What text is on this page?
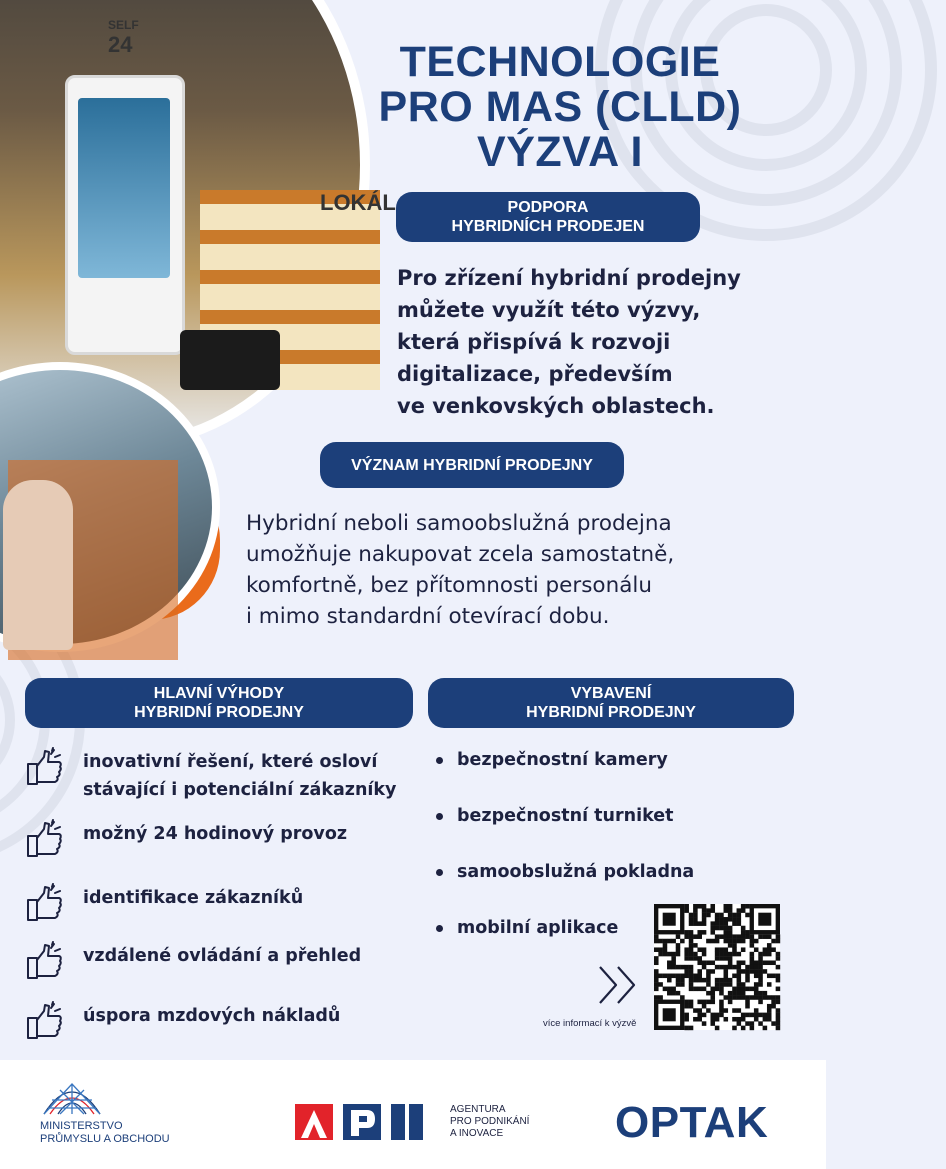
SELF
24
LOKÁL
TECHNOLOGIE
PRO MAS (CLLD)
VÝZVA I
PODPORA
HYBRIDNÍCH PRODEJEN
Pro zřízení hybridní prodejny
můžete využít této výzvy,
která přispívá k rozvoji
digitalizace, především
ve venkovských oblastech.
VÝZNAM HYBRIDNÍ PRODEJNY
Hybridní neboli samoobslužná prodejna
umožňuje nakupovat zcela samostatně,
komfortně, bez přítomnosti personálu
i mimo standardní otevírací dobu.
HLAVNÍ VÝHODY
HYBRIDNÍ PRODEJNY
inovativní řešení, které osloví
stávající i potenciální zákazníky
možný 24 hodinový provoz
identifikace zákazníků
vzdálené ovládání a přehled
úspora mzdových nákladů
VYBAVENÍ
HYBRIDNÍ PRODEJNY
bezpečnostní kamery
bezpečnostní turniket
samoobslužná pokladna
mobilní aplikace
více informací k výzvě
MINISTERSTVO
PRŮMYSLU A OBCHODU
AGENTURA
PRO PODNIKÁNÍ
A INOVACE	OPTAK
